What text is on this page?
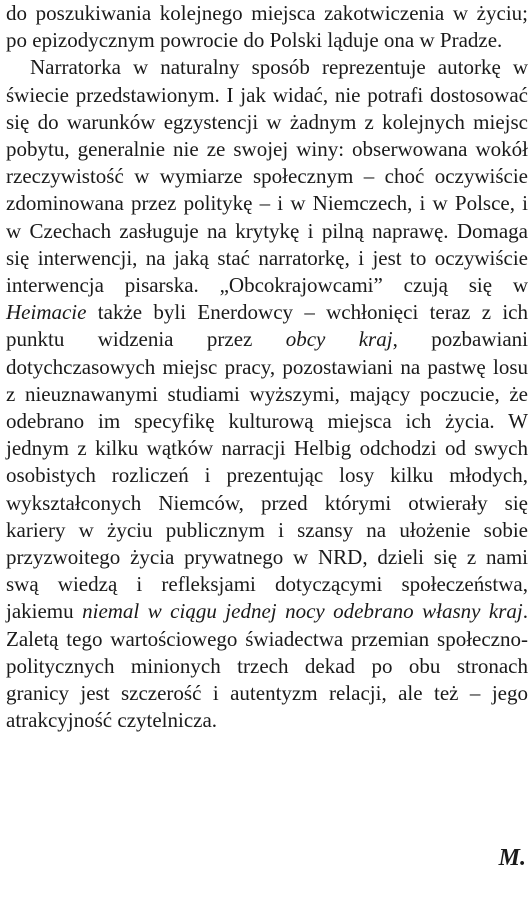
do poszukiwania kolejnego miejsca zakotwiczenia w życiu; po epizodycznym powrocie do Polski ląduje ona w Pradze.

Narratorka w naturalny sposób reprezentuje autorkę w świecie przedstawionym. I jak widać, nie potrafi dostosować się do warunków egzystencji w żadnym z kolejnych miejsc pobytu, generalnie nie ze swojej winy: obserwowana wokół rzeczywistość w wymiarze społecznym – choć oczywiście zdominowana przez politykę – i w Niemczech, i w Polsce, i w Czechach zasługuje na krytykę i pilną naprawę. Domaga się interwencji, na jaką stać narratorkę, i jest to oczywiście interwencja pisarska. „Obcokrajowcami” czują się w Heimacie także byli Enerdowcy – wchłonięci teraz z ich punktu widzenia przez obcy kraj, pozbawiani dotychczasowych miejsc pracy, pozostawiani na pastwę losu z nieuznawanymi studiami wyższymi, mający poczucie, że odebrano im specyfikę kulturową miejsca ich życia. W jednym z kilku wątków narracji Helbig odchodzi od swych osobistych rozliczeń i prezentując losy kilku młodych, wykształconych Niemców, przed którymi otwierały się kariery w życiu publicznym i szansy na ułożenie sobie przyzwoitego życia prywatnego w NRD, dzieli się z nami swą wiedzą i refleksjami dotyczącymi społeczeństwa, jakiemu niemal w ciągu jednej nocy odebrano własny kraj. Zaletą tego wartościowego świadectwa przemian społeczno-politycznych minionych trzech dekad po obu stronach granicy jest szczerość i autentyzm relacji, ale też – jego atrakcyjność czytelnicza.

M.
